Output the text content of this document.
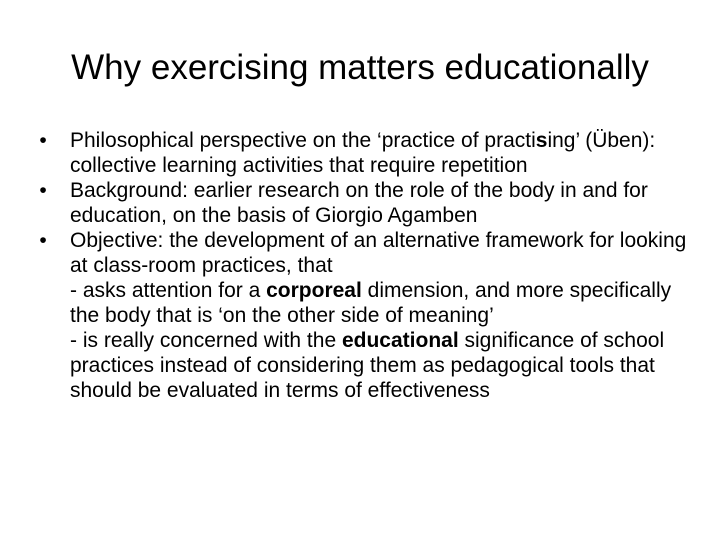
Why exercising matters educationally
•	Philosophical perspective on the ‘practice of practising’ (Üben): collective learning activities that require repetition
•	Background: earlier research on the role of the body in and for education, on the basis of Giorgio Agamben
•	Objective: the development of an alternative framework for looking at class-room practices, that
- asks attention for a corporeal dimension, and more specifically the body that is ‘on the other side of meaning’
- is really concerned with the educational significance of school practices instead of considering them as pedagogical tools that should be evaluated in terms of effectiveness
